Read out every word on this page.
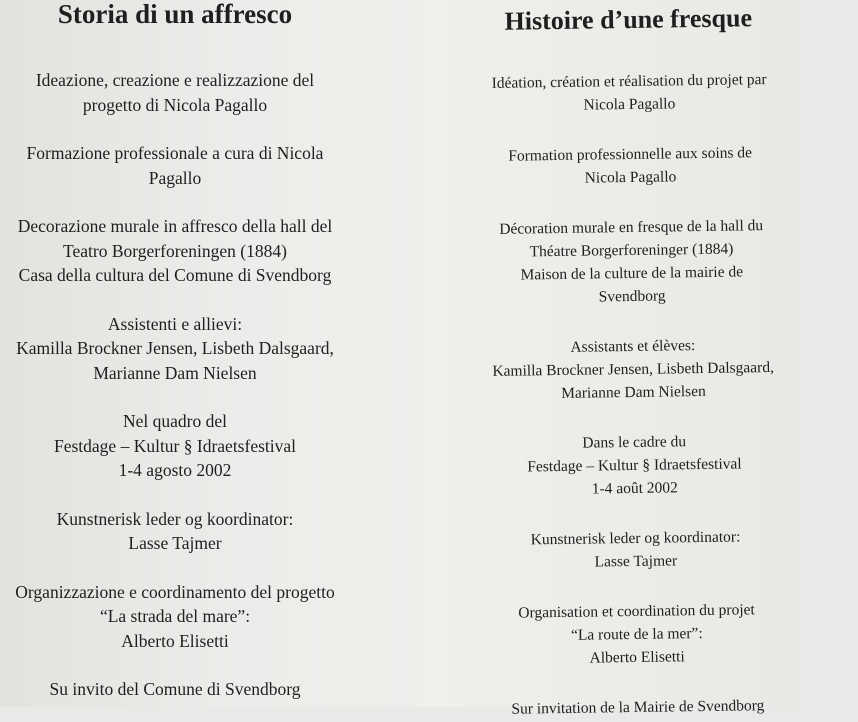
Storia di un affresco
Ideazione, creazione e realizzazione del
progetto di Nicola Pagallo
Formazione professionale a cura di Nicola
Pagallo
Decorazione murale in affresco della hall del
Teatro Borgerforeningen (1884)
Casa della cultura del Comune di Svendborg
Assistenti e allievi:
Kamilla Brockner Jensen, Lisbeth Dalsgaard,
Marianne Dam Nielsen
Nel quadro del
Festdage – Kultur § Idraetsfestival
1-4 agosto 2002
Kunstnerisk leder og koordinator:
Lasse Tajmer
Organizzazione e coordinamento del progetto
“La strada del mare”:
Alberto Elisetti
Su invito del Comune di Svendborg
Histoire d’une fresque
Idéation, création et réalisation du projet par
Nicola Pagallo
Formation professionnelle aux soins de
Nicola Pagallo
Décoration murale en fresque de la hall du
Théatre Borgerforeninger (1884)
Maison de la culture de la mairie de
Svendborg
Assistants et élèves:
Kamilla Brockner Jensen, Lisbeth Dalsgaard,
Marianne Dam Nielsen
Dans le cadre du
Festdage – Kultur § Idraetsfestival
1-4 août 2002
Kunstnerisk leder og koordinator:
Lasse Tajmer
Organisation et coordination du projet
“La route de la mer”:
Alberto Elisetti
Sur invitation de la Mairie de Svendborg
